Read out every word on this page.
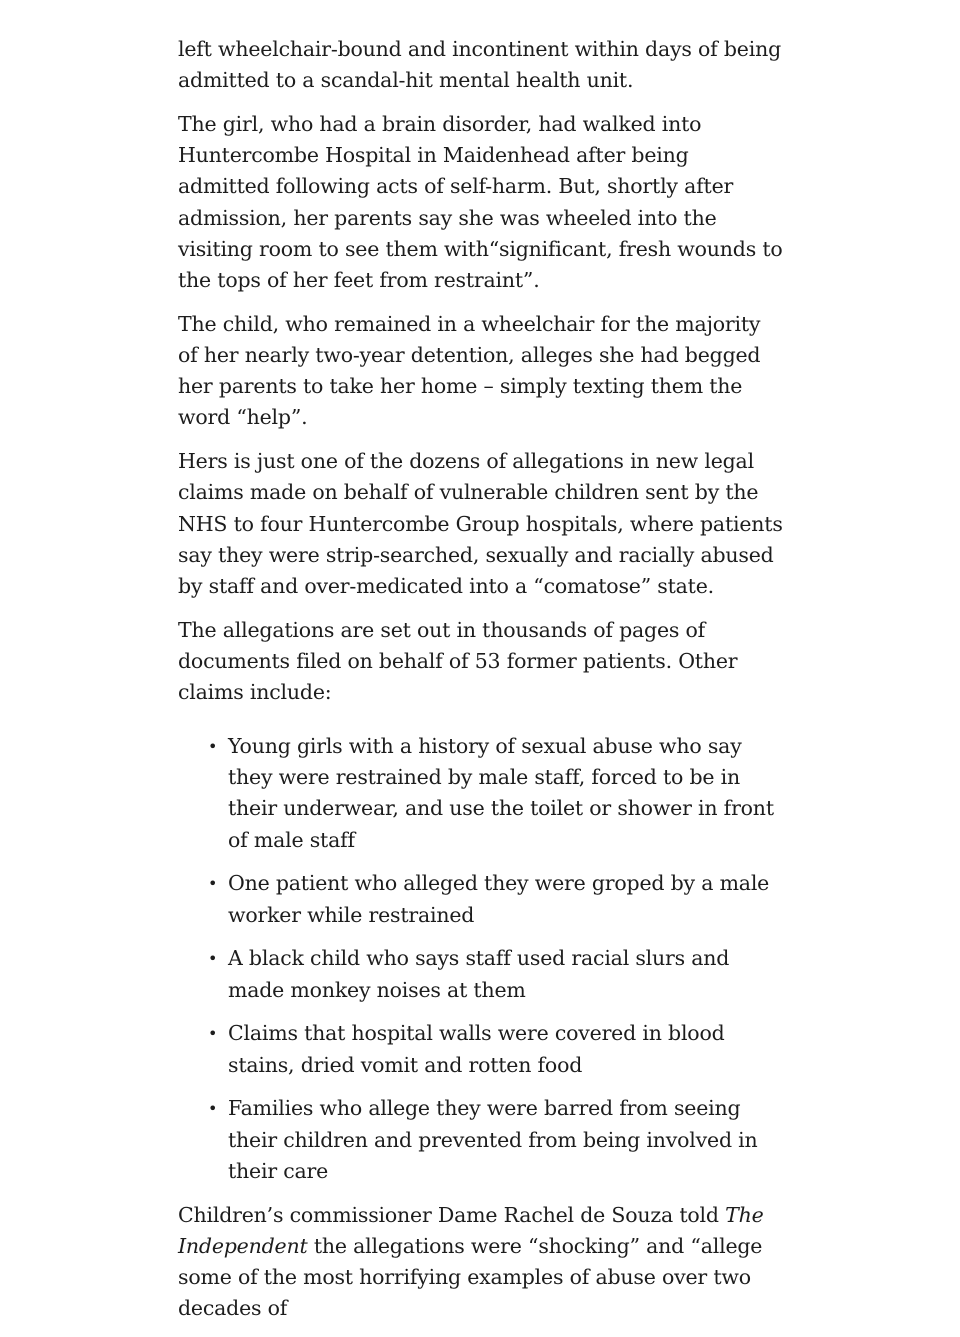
left wheelchair-bound and incontinent within days of being admitted to a scandal-hit mental health unit.

The girl, who had a brain disorder, had walked into Huntercombe Hospital in Maidenhead after being admitted following acts of self-harm. But, shortly after admission, her parents say she was wheeled into the visiting room to see them with“significant, fresh wounds to the tops of her feet from restraint”.

The child, who remained in a wheelchair for the majority of her nearly two-year detention, alleges she had begged her parents to take her home – simply texting them the word “help”.

Hers is just one of the dozens of allegations in new legal claims made on behalf of vulnerable children sent by the NHS to four Huntercombe Group hospitals, where patients say they were strip-searched, sexually and racially abused by staff and over-medicated into a “comatose” state.

The allegations are set out in thousands of pages of documents filed on behalf of 53 former patients. Other claims include:

• Young girls with a history of sexual abuse who say they were restrained by male staff, forced to be in their underwear, and use the toilet or shower in front of male staff
• One patient who alleged they were groped by a male worker while restrained
• A black child who says staff used racial slurs and made monkey noises at them
• Claims that hospital walls were covered in blood stains, dried vomit and rotten food
• Families who allege they were barred from seeing their children and prevented from being involved in their care

Children’s commissioner Dame Rachel de Souza told The Independent the allegations were “shocking” and “allege some of the most horrifying examples of abuse over two decades of
